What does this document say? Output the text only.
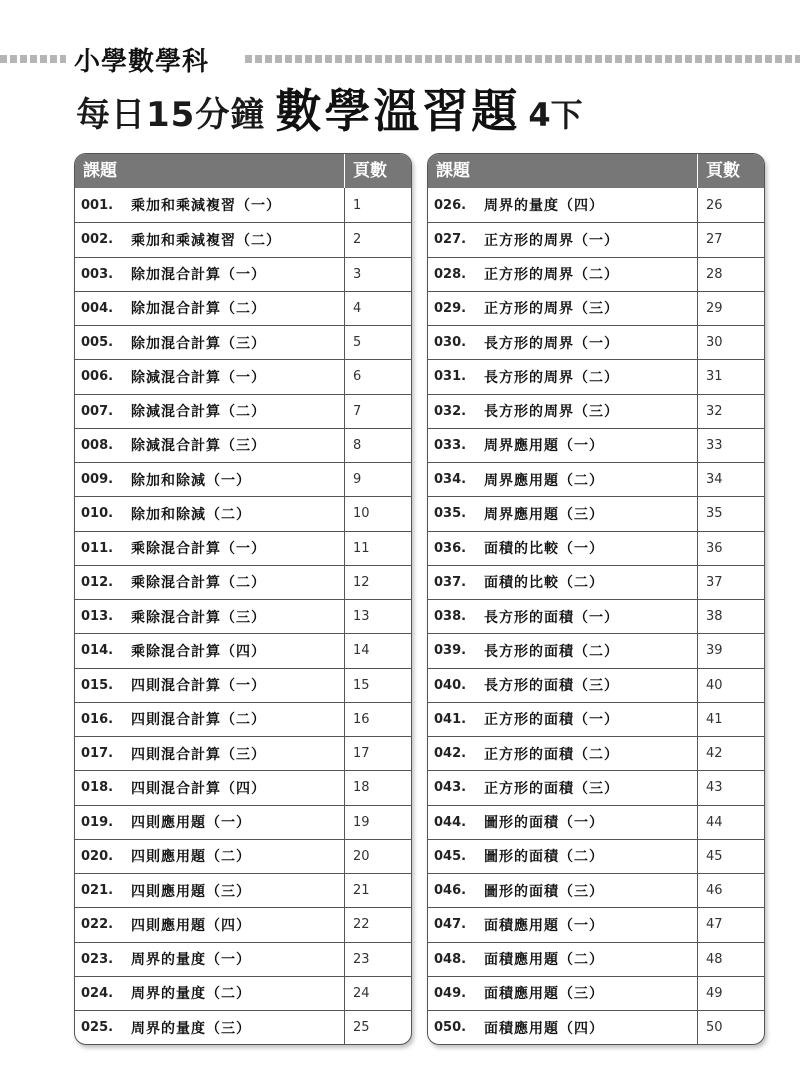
小學數學科
每日15分鐘 數學溫習題 4下
課題	頁數
001.	乘加和乘減複習（一）	1
002.	乘加和乘減複習（二）	2
003.	除加混合計算（一）	3
004.	除加混合計算（二）	4
005.	除加混合計算（三）	5
006.	除減混合計算（一）	6
007.	除減混合計算（二）	7
008.	除減混合計算（三）	8
009.	除加和除減（一）	9
010.	除加和除減（二）	10
011.	乘除混合計算（一）	11
012.	乘除混合計算（二）	12
013.	乘除混合計算（三）	13
014.	乘除混合計算（四）	14
015.	四則混合計算（一）	15
016.	四則混合計算（二）	16
017.	四則混合計算（三）	17
018.	四則混合計算（四）	18
019.	四則應用題（一）	19
020.	四則應用題（二）	20
021.	四則應用題（三）	21
022.	四則應用題（四）	22
023.	周界的量度（一）	23
024.	周界的量度（二）	24
025.	周界的量度（三）	25
課題	頁數
026.	周界的量度（四）	26
027.	正方形的周界（一）	27
028.	正方形的周界（二）	28
029.	正方形的周界（三）	29
030.	長方形的周界（一）	30
031.	長方形的周界（二）	31
032.	長方形的周界（三）	32
033.	周界應用題（一）	33
034.	周界應用題（二）	34
035.	周界應用題（三）	35
036.	面積的比較（一）	36
037.	面積的比較（二）	37
038.	長方形的面積（一）	38
039.	長方形的面積（二）	39
040.	長方形的面積（三）	40
041.	正方形的面積（一）	41
042.	正方形的面積（二）	42
043.	正方形的面積（三）	43
044.	圖形的面積（一）	44
045.	圖形的面積（二）	45
046.	圖形的面積（三）	46
047.	面積應用題（一）	47
048.	面積應用題（二）	48
049.	面積應用題（三）	49
050.	面積應用題（四）	50
